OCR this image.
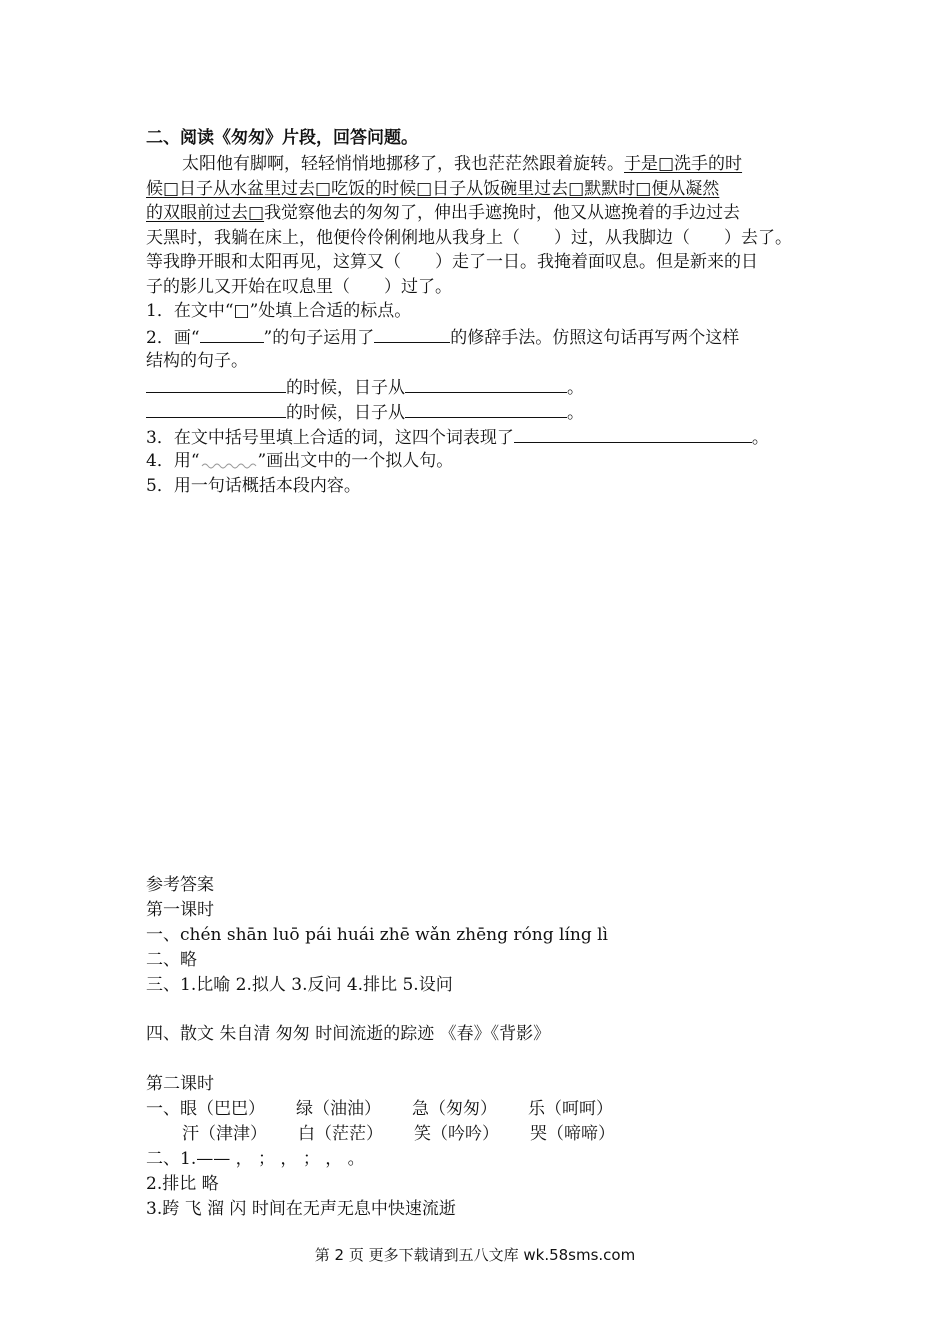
二、阅读《匆匆》片段，回答问题。
太阳他有脚啊，轻轻悄悄地挪移了，我也茫茫然跟着旋转。于是□洗手的时
候□日子从水盆里过去□吃饭的时候□日子从饭碗里过去□默默时□便从凝然
的双眼前过去□我觉察他去的匆匆了，伸出手遮挽时，他又从遮挽着的手边过去
天黑时，我躺在床上，他便伶伶俐俐地从我身上（　　）过，从我脚边（　　）去了。
等我睁开眼和太阳再见，这算又（　　）走了一日。我掩着面叹息。但是新来的日
子的影儿又开始在叹息里（　　）过了。
1．在文中“□”处填上合适的标点。
2．画“	”的句子运用了	的修辞手法。仿照这句话再写两个这样
结构的句子。
的时候，日子从	。
的时候，日子从	。
3．在文中括号里填上合适的词，这四个词表现了	。
4．用“	”画出文中的一个拟人句。
5．用一句话概括本段内容。
参考答案
第一课时
一、chén shān luō pái huái zhē wǎn zhēng róng líng lì
二、略
三、1.比喻 2.拟人 3.反问 4.排比 5.设问
四、散文 朱自清 匆匆 时间流逝的踪迹 《春》《背影》
第二课时
一、眼（巴巴） 绿（油油） 急（匆匆） 乐（呵呵）
汗（津津） 白（茫茫） 笑（吟吟） 哭（啼啼）
二、1.—— ， ； ， ； ， 。
2.排比 略
3.跨 飞 溜 闪 时间在无声无息中快速流逝
第 2 页 更多下载请到五八文库 wk.58sms.com
